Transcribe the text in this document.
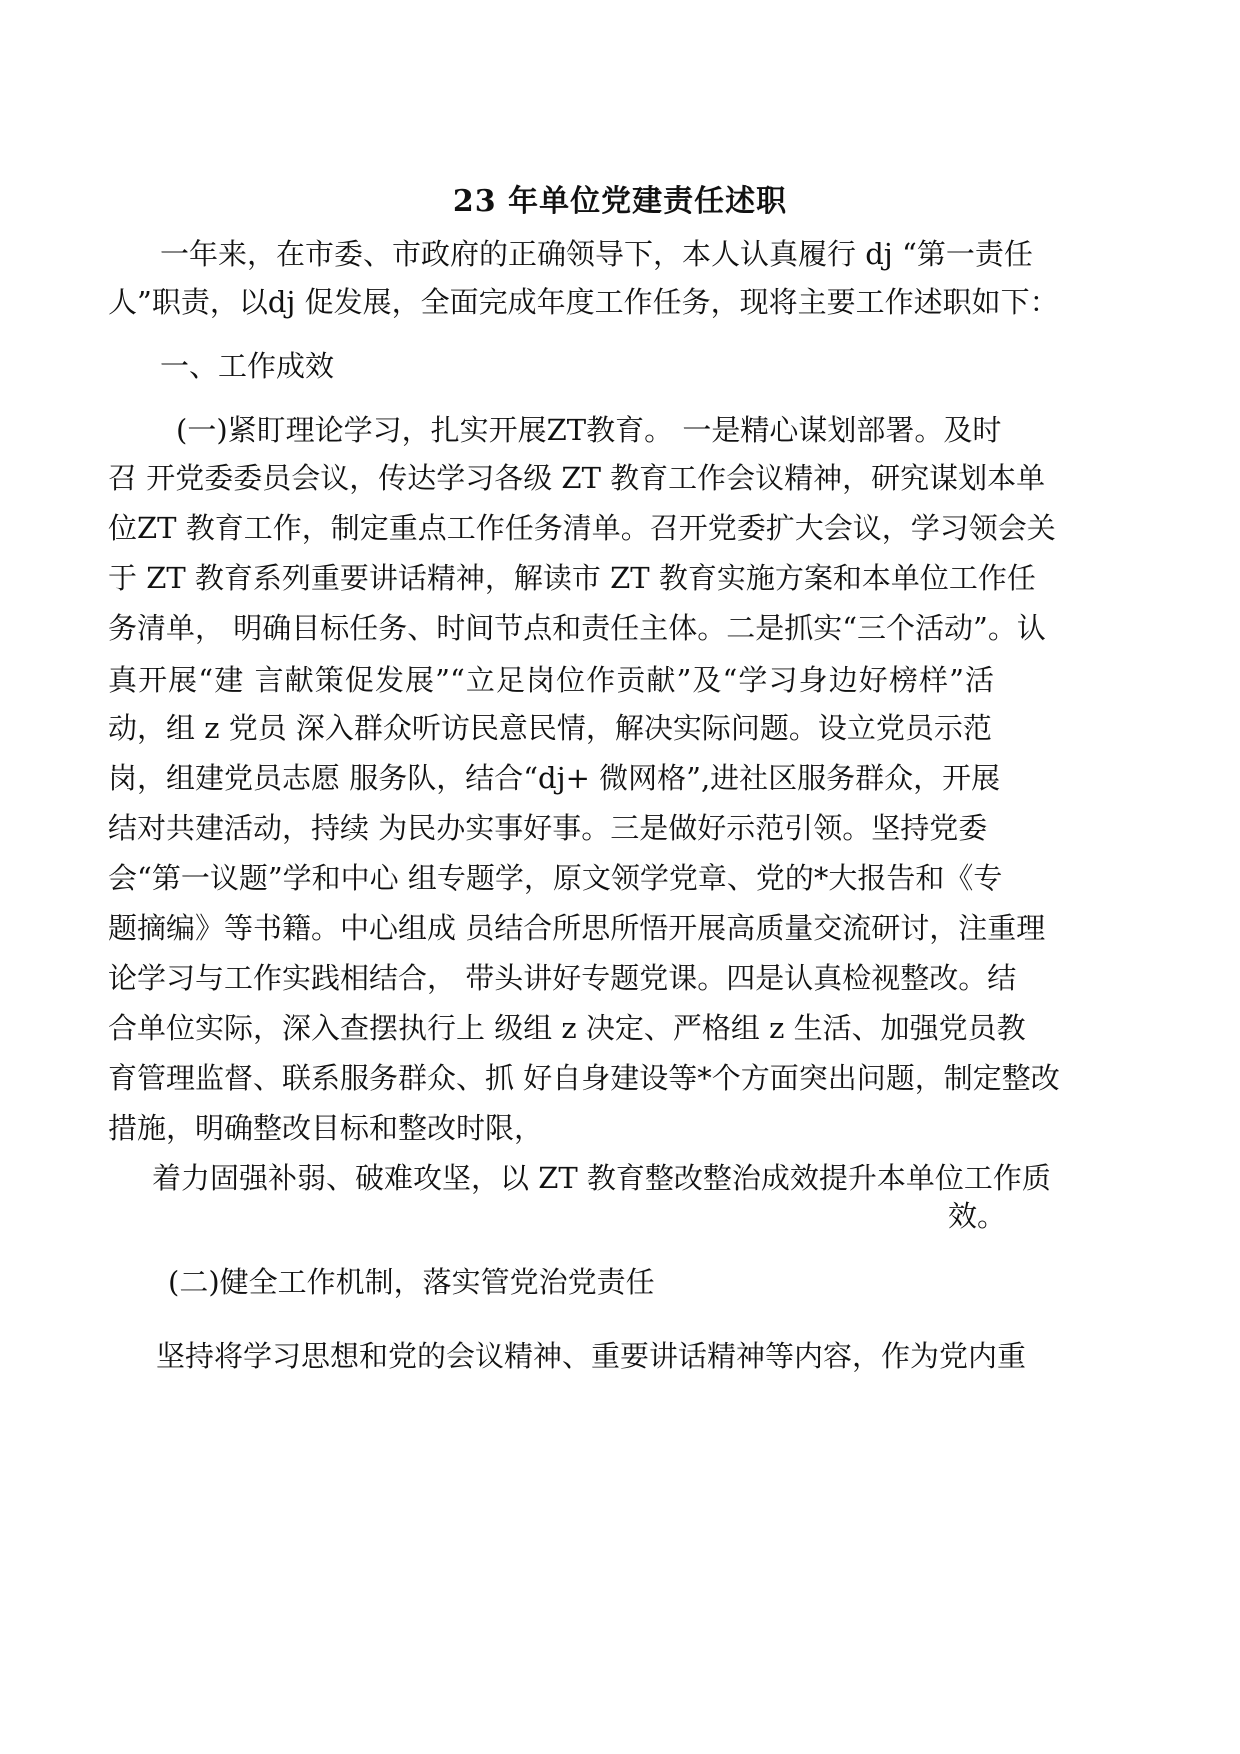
23 年单位党建责任述职

一年来，在市委、市政府的正确领导下，本人认真履行 dj “第一责任

人”职责，以dj 促发展，全面完成年度工作任务，现将主要工作述职如下：

一、工作成效

(一)紧盯理论学习，扎实开展ZT教育。 一是精心谋划部署。及时

召 开党委委员会议，传达学习各级 ZT 教育工作会议精神，研究谋划本单

位ZT 教育工作，制定重点工作任务清单。召开党委扩大会议，学习领会关

于 ZT 教育系列重要讲话精神，解读市 ZT 教育实施方案和本单位工作任

务清单， 明确目标任务、时间节点和责任主体。二是抓实“三个活动”。认

真开展“建 言献策促发展”“立足岗位作贡献”及“学习身边好榜样”活

动，组 z 党员 深入群众听访民意民情，解决实际问题。设立党员示范

岗，组建党员志愿 服务队，结合“dj+ 微网格”,进社区服务群众，开展

结对共建活动，持续 为民办实事好事。三是做好示范引领。坚持党委

会“第一议题”学和中心 组专题学，原文领学党章、党的*大报告和《专

题摘编》等书籍。中心组成 员结合所思所悟开展高质量交流研讨，注重理

论学习与工作实践相结合， 带头讲好专题党课。四是认真检视整改。结

合单位实际，深入查摆执行上 级组 z 决定、严格组 z 生活、加强党员教

育管理监督、联系服务群众、抓 好自身建设等*个方面突出问题，制定整改

措施，明确整改目标和整改时限，

着力固强补弱、破难攻坚，以 ZT 教育整改整治成效提升本单位工作质

效。

(二)健全工作机制，落实管党治党责任

坚持将学习思想和党的会议精神、重要讲话精神等内容，作为党内重
